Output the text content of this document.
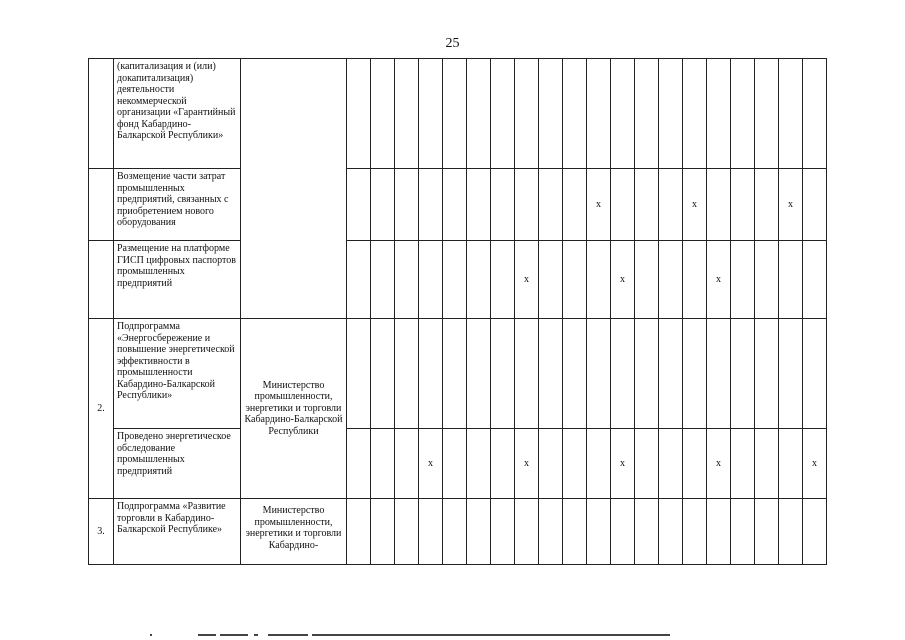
25
	(капитализация и (или) докапитализация) деятельности некоммерческой организации «Гарантийный фонд Кабардино-Балкарской Республики»																					
	Возмещение части затрат промышленных предприятий, связанных с приобретением нового оборудования												x				x				x	
	Размещение на платформе ГИСП цифровых паспортов промышленных предприятий									x				x				x				
2.	Подпрограмма «Энергосбережение и повышение энергетической эффективности в промышленности Кабардино-Балкарской Республики»	Министерство промышленности, энергетики и торговли Кабардино-Балкарской Республики																				
	Проведено энергетическое обследование промышленных предприятий					x				x				x				x				x
3.	Подпрограмма «Развитие торговли в Кабардино-Балкарской Республике»	Министерство промышленности, энергетики и торговли Кабардино-																				
